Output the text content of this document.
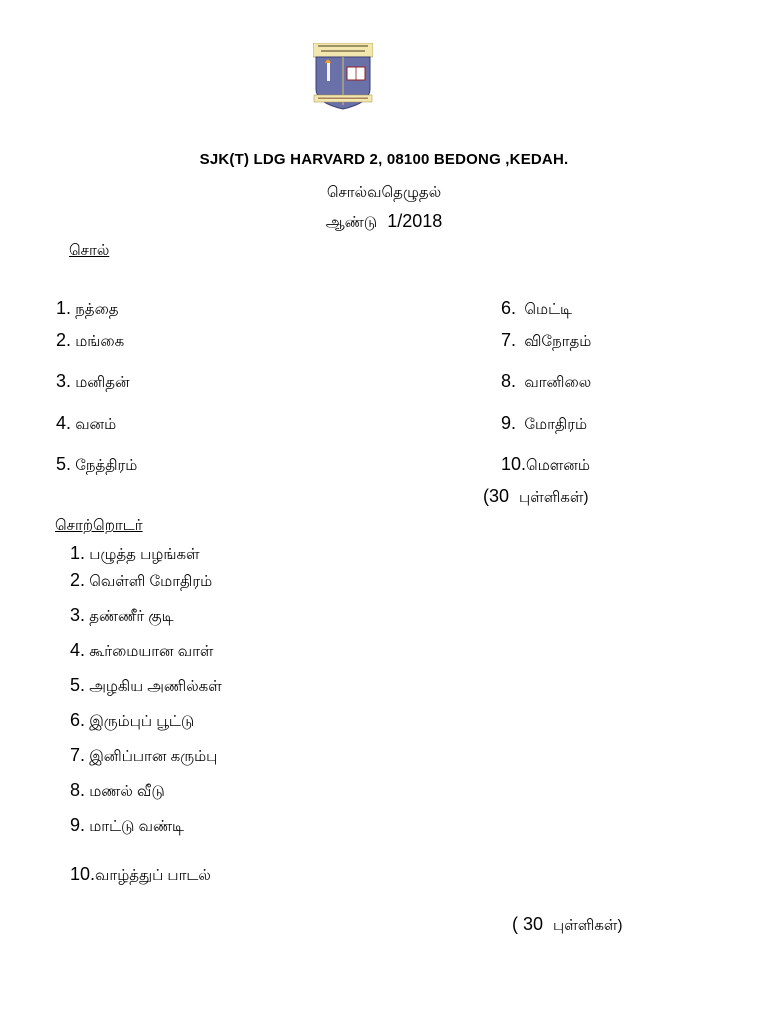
SJK(T) LDG HARVARD 2, 08100 BEDONG ,KEDAH.
சொல்வதெழுதல்
ஆண்டு 1/2018
சொல்
1. நத்தை
2. மங்கை
3. மனிதன்
4. வனம்
5. நேத்திரம்
6. மெட்டி
7. விநோதம்
8. வானிலை
9. மோதிரம்
10.மௌனம்
(30 புள்ளிகள்)
சொற்றொடர்
1. பழுத்த பழங்கள்
2. வெள்ளி மோதிரம்
3. தண்ணீர் குடி
4. கூர்மையான வாள்
5. அழகிய அணில்கள்
6. இரும்புப் பூட்டு
7. இனிப்பான கரும்பு
8. மணல் வீடு
9. மாட்டு வண்டி
10.வாழ்த்துப் பாடல்
( 30 புள்ளிகள்)
